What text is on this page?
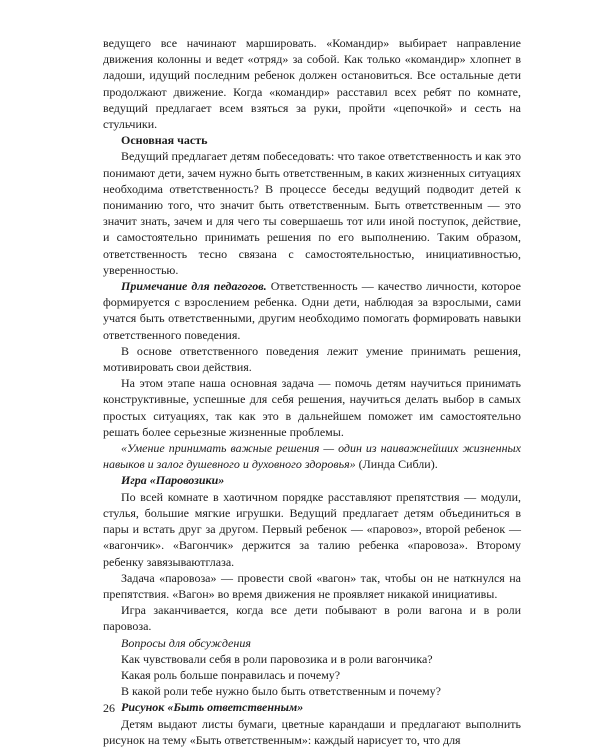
ведущего все начинают маршировать. «Командир» выбирает направление движения колонны и ведет «отряд» за собой. Как только «командир» хлопнет в ладоши, идущий последним ребенок должен остановиться. Все остальные дети продолжают движение. Когда «командир» расставил всех ребят по комнате, ведущий предлагает всем взяться за руки, пройти «цепочкой» и сесть на стульчики.

Основная часть

Ведущий предлагает детям побеседовать: что такое ответственность и как это понимают дети, зачем нужно быть ответственным, в каких жизненных ситуациях необходима ответственность? В процессе беседы ведущий подводит детей к пониманию того, что значит быть ответственным. Быть ответственным — это значит знать, зачем и для чего ты совершаешь тот или иной поступок, действие, и самостоятельно принимать решения по его выполнению. Таким образом, ответственность тесно связана с самостоятельностью, инициативностью, уверенностью.

Примечание для педагогов. Ответственность — качество личности, которое формируется с взрослением ребенка. Одни дети, наблюдая за взрослыми, сами учатся быть ответственными, другим необходимо помогать формировать навыки ответственного поведения.

В основе ответственного поведения лежит умение принимать решения, мотивировать свои действия.

На этом этапе наша основная задача — помочь детям научиться принимать конструктивные, успешные для себя решения, научиться делать выбор в самых простых ситуациях, так как это в дальнейшем поможет им самостоятельно решать более серьезные жизненные проблемы.

«Умение принимать важные решения — один из наиважнейших жизненных навыков и залог душевного и духовного здоровья» (Линда Сибли).

Игра «Паровозики»

По всей комнате в хаотичном порядке расставляют препятствия — модули, стулья, большие мягкие игрушки. Ведущий предлагает детям объединиться в пары и встать друг за другом. Первый ребенок — «паровоз», второй ребенок — «вагончик». «Вагончик» держится за талию ребенка «паровоза». Второму ребенку завязываютглаза.

Задача «паровоза» — провести свой «вагон» так, чтобы он не наткнулся на препятствия. «Вагон» во время движения не проявляет никакой инициативы.

Игра заканчивается, когда все дети побывают в роли вагона и в роли паровоза.

Вопросы для обсуждения

Как чувствовали себя в роли паровозика и в роли вагончика?

Какая роль больше понравилась и почему?

В какой роли тебе нужно было быть ответственным и почему?

Рисунок «Быть ответственным»

Детям выдают листы бумаги, цветные карандаши и предлагают выполнить рисунок на тему «Быть ответственным»: каждый нарисует то, что для

26
